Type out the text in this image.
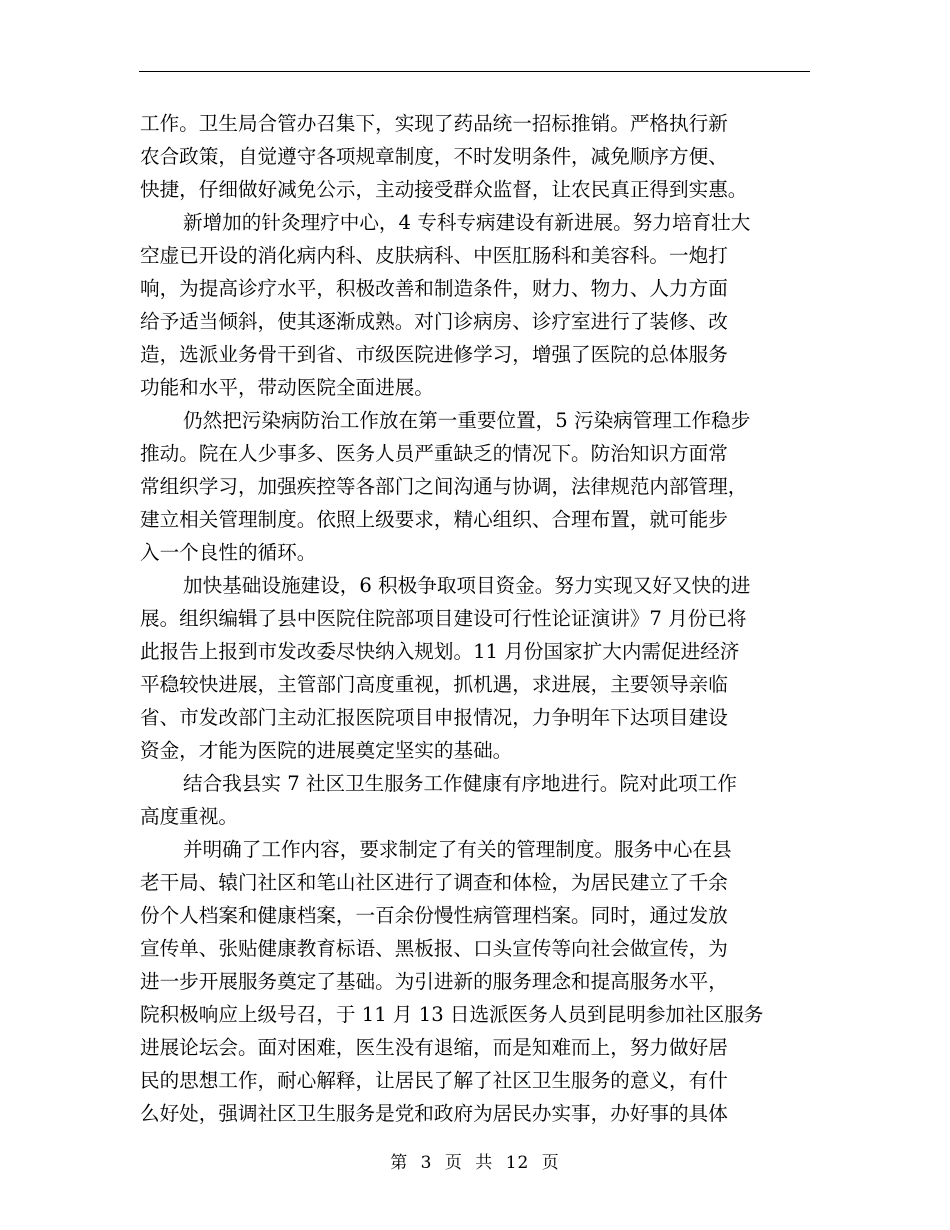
工作。卫生局合管办召集下，实现了药品统一招标推销。严格执行新
农合政策，自觉遵守各项规章制度，不时发明条件，减免顺序方便、
快捷，仔细做好减免公示，主动接受群众监督，让农民真正得到实惠。
新增加的针灸理疗中心，4 专科专病建设有新进展。努力培育壮大
空虚已开设的消化病内科、皮肤病科、中医肛肠科和美容科。一炮打
响，为提高诊疗水平，积极改善和制造条件，财力、物力、人力方面
给予适当倾斜，使其逐渐成熟。对门诊病房、诊疗室进行了装修、改
造，选派业务骨干到省、市级医院进修学习，增强了医院的总体服务
功能和水平，带动医院全面进展。
仍然把污染病防治工作放在第一重要位置，5 污染病管理工作稳步
推动。院在人少事多、医务人员严重缺乏的情况下。防治知识方面常
常组织学习，加强疾控等各部门之间沟通与协调，法律规范内部管理，
建立相关管理制度。依照上级要求，精心组织、合理布置，就可能步
入一个良性的循环。
加快基础设施建设，6 积极争取项目资金。努力实现又好又快的进
展。组织编辑了县中医院住院部项目建设可行性论证演讲》7 月份已将
此报告上报到市发改委尽快纳入规划。11 月份国家扩大内需促进经济
平稳较快进展，主管部门高度重视，抓机遇，求进展，主要领导亲临
省、市发改部门主动汇报医院项目申报情况，力争明年下达项目建设
资金，才能为医院的进展奠定坚实的基础。
结合我县实 7 社区卫生服务工作健康有序地进行。院对此项工作
高度重视。
并明确了工作内容，要求制定了有关的管理制度。服务中心在县
老干局、辕门社区和笔山社区进行了调查和体检，为居民建立了千余
份个人档案和健康档案，一百余份慢性病管理档案。同时，通过发放
宣传单、张贴健康教育标语、黑板报、口头宣传等向社会做宣传，为
进一步开展服务奠定了基础。为引进新的服务理念和提高服务水平，
院积极响应上级号召，于 11 月 13 日选派医务人员到昆明参加社区服务
进展论坛会。面对困难，医生没有退缩，而是知难而上，努力做好居
民的思想工作，耐心解释，让居民了解了社区卫生服务的意义，有什
么好处，强调社区卫生服务是党和政府为居民办实事，办好事的具体
第 3 页 共 12 页
